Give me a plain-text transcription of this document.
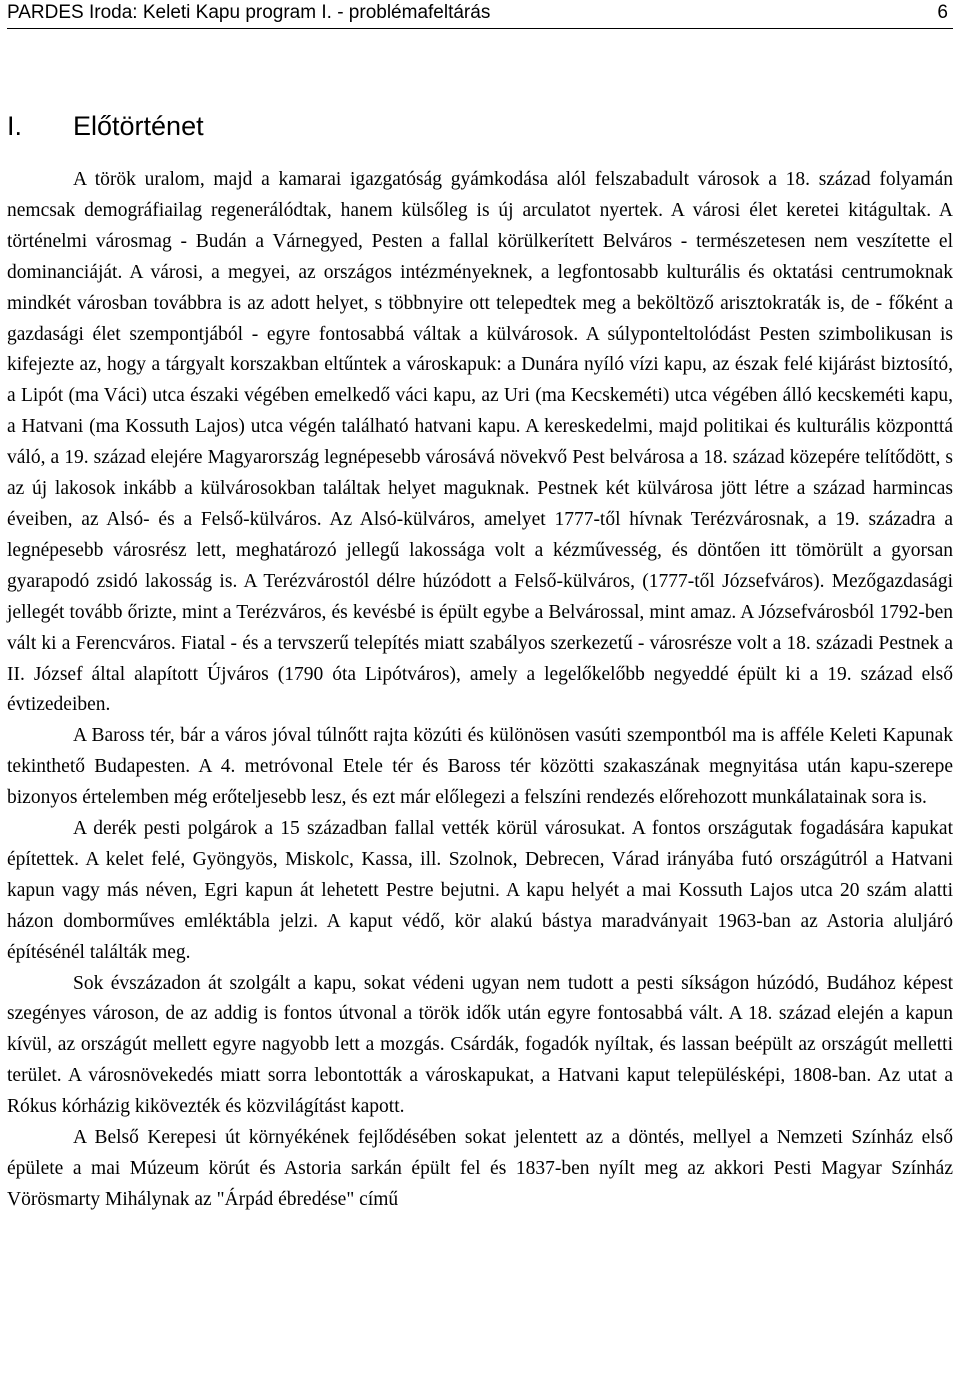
PARDES Iroda: Keleti Kapu program I. - problémafeltárás	6
I. Előtörténet

A török uralom, majd a kamarai igazgatóság gyámkodása alól felszabadult városok a 18. század folyamán nemcsak demográfiailag regenerálódtak, hanem külsőleg is új arculatot nyertek. A városi élet keretei kitágultak. A történelmi városmag - Budán a Várnegyed, Pesten a fallal körülkerített Belváros - természetesen nem veszítette el dominanciáját. A városi, a megyei, az országos intézményeknek, a legfontosabb kulturális és oktatási centrumoknak mindkét városban továbbra is az adott helyet, s többnyire ott telepedtek meg a beköltöző arisztokraták is, de - főként a gazdasági élet szempontjából - egyre fontosabbá váltak a külvárosok. A súlyponteltolódást Pesten szimbolikusan is kifejezte az, hogy a tárgyalt korszakban eltűntek a városkapuk: a Dunára nyíló vízi kapu, az észak felé kijárást biztosító, a Lipót (ma Váci) utca északi végében emelkedő váci kapu, az Uri (ma Kecskeméti) utca végében álló kecskeméti kapu, a Hatvani (ma Kossuth Lajos) utca végén található hatvani kapu. A kereskedelmi, majd politikai és kulturális központtá váló, a 19. század elejére Magyarország legnépesebb városává növekvő Pest belvárosa a 18. század közepére telítődött, s az új lakosok inkább a külvárosokban találtak helyet maguknak. Pestnek két külvárosa jött létre a század harmincas éveiben, az Alsó- és a Felső-külváros. Az Alsó-külváros, amelyet 1777-től hívnak Terézvárosnak, a 19. századra a legnépesebb városrész lett, meghatározó jellegű lakossága volt a kézművesség, és döntően itt tömörült a gyorsan gyarapodó zsidó lakosság is. A Terézvárostól délre húzódott a Felső-külváros, (1777-től Józsefváros). Mezőgazdasági jellegét tovább őrizte, mint a Terézváros, és kevésbé is épült egybe a Belvárossal, mint amaz. A Józsefvárosból 1792-ben vált ki a Ferencváros. Fiatal - és a tervszerű telepítés miatt szabályos szerkezetű - városrésze volt a 18. századi Pestnek a II. József által alapított Újváros (1790 óta Lipótváros), amely a legelőkelőbb negyeddé épült ki a 19. század első évtizedeiben.

A Baross tér, bár a város jóval túlnőtt rajta közúti és különösen vasúti szempontból ma is afféle Keleti Kapunak tekinthető Budapesten. A 4. metróvonal Etele tér és Baross tér közötti szakaszának megnyitása után kapu-szerepe bizonyos értelemben még erőteljesebb lesz, és ezt már előlegezi a felszíni rendezés előrehozott munkálatainak sora is.

A derék pesti polgárok a 15 században fallal vették körül városukat. A fontos országutak fogadására kapukat építettek. A kelet felé, Gyöngyös, Miskolc, Kassa, ill. Szolnok, Debrecen, Várad irányába futó országútról a Hatvani kapun vagy más néven, Egri kapun át lehetett Pestre bejutni. A kapu helyét a mai Kossuth Lajos utca 20 szám alatti házon domborműves emléktábla jelzi. A kaput védő, kör alakú bástya maradványait 1963-ban az Astoria aluljáró építésénél találták meg.

Sok évszázadon át szolgált a kapu, sokat védeni ugyan nem tudott a pesti síkságon húzódó, Budához képest szegényes városon, de az addig is fontos útvonal a török idők után egyre fontosabbá vált. A 18. század elején a kapun kívül, az országút mellett egyre nagyobb lett a mozgás. Csárdák, fogadók nyíltak, és lassan beépült az országút melletti terület. A városnövekedés miatt sorra lebontották a városkapukat, a Hatvani kaput településképi, 1808-ban. Az utat a Rókus kórházig kikövezték és közvilágítást kapott.

A Belső Kerepesi út környékének fejlődésében sokat jelentett az a döntés, mellyel a Nemzeti Színház első épülete a mai Múzeum körút és Astoria sarkán épült fel és 1837-ben nyílt meg az akkori Pesti Magyar Színház Vörösmarty Mihálynak az "Árpád ébredése" című
